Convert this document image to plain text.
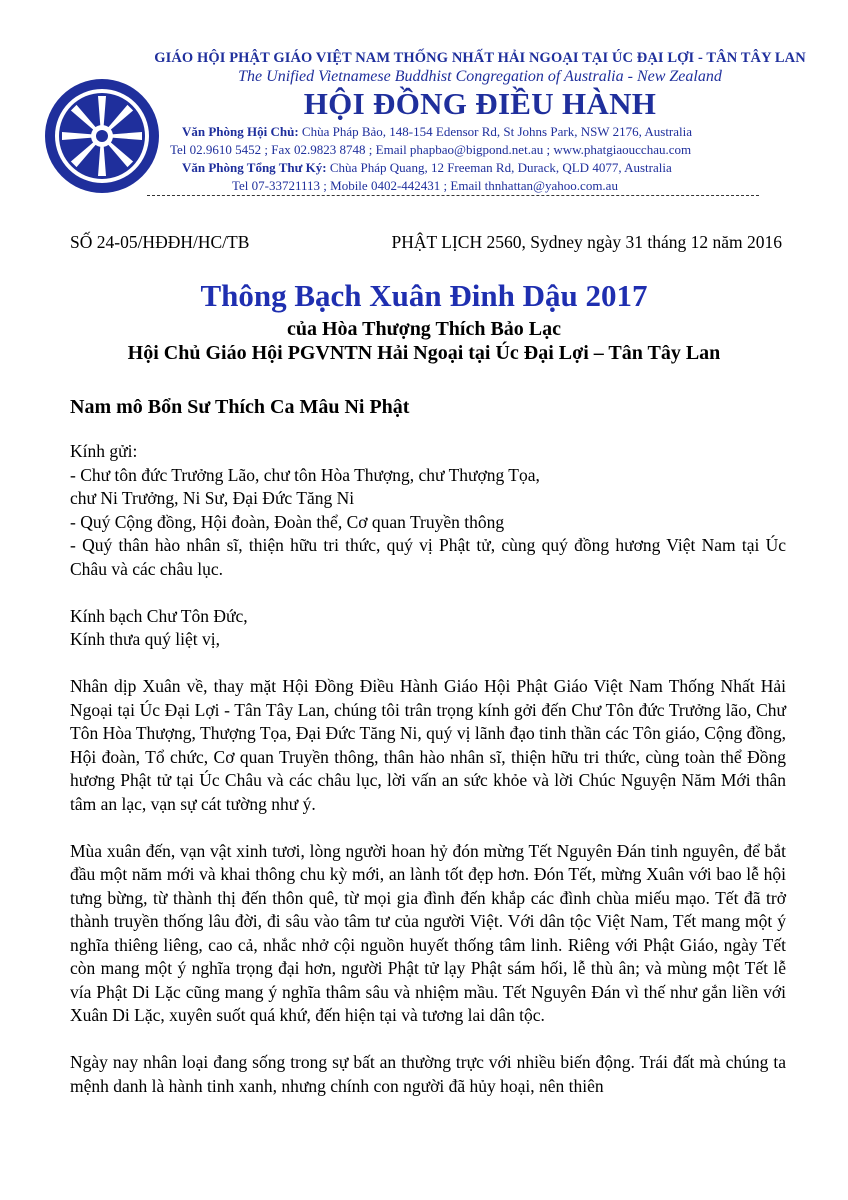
GIÁO HỘI PHẬT GIÁO VIỆT NAM THỐNG NHẤT HẢI NGOẠI TẠI ÚC ĐẠI LỢI - TÂN TÂY LAN
The Unified Vietnamese Buddhist Congregation of Australia - New Zealand
HỘI ĐỒNG ĐIỀU HÀNH
Văn Phòng Hội Chủ: Chùa Pháp Bảo, 148-154 Edensor Rd, St Johns Park, NSW 2176, Australia
Tel 02.9610 5452 ; Fax 02.9823 8748 ; Email phapbao@bigpond.net.au ; www.phatgiaoucchau.com
Văn Phòng Tổng Thư Ký: Chùa Pháp Quang, 12 Freeman Rd, Durack, QLD 4077, Australia
Tel 07-33721113 ; Mobile 0402-442431 ; Email thnhattan@yahoo.com.au
SỐ 24-05/HĐĐH/HC/TB	PHẬT LỊCH 2560, Sydney ngày 31 tháng 12 năm 2016
Thông Bạch Xuân Đinh Dậu 2017
của Hòa Thượng Thích Bảo Lạc
Hội Chủ Giáo Hội PGVNTN Hải Ngoại tại Úc Đại Lợi – Tân Tây Lan
Nam mô Bổn Sư Thích Ca Mâu Ni Phật

Kính gửi:

- Chư tôn đức Trưởng Lão, chư tôn Hòa Thượng, chư Thượng Tọa,

chư Ni Trưởng, Ni Sư, Đại Đức Tăng Ni

- Quý Cộng đồng, Hội đoàn, Đoàn thể, Cơ quan Truyền thông

- Quý thân hào nhân sĩ, thiện hữu tri thức, quý vị Phật tử, cùng quý đồng hương Việt Nam tại Úc Châu và các châu lục.

Kính bạch Chư Tôn Đức,

Kính thưa quý liệt vị,

Nhân dịp Xuân về, thay mặt Hội Đồng Điều Hành Giáo Hội Phật Giáo Việt Nam Thống Nhất Hải Ngoại tại Úc Đại Lợi - Tân Tây Lan, chúng tôi trân trọng kính gởi đến Chư Tôn đức Trưởng lão, Chư Tôn Hòa Thượng, Thượng Tọa, Đại Đức Tăng Ni, quý vị lãnh đạo tinh thần các Tôn giáo, Cộng đồng, Hội đoàn, Tổ chức, Cơ quan Truyền thông, thân hào nhân sĩ, thiện hữu tri thức, cùng toàn thể Đồng hương Phật tử tại Úc Châu và các châu lục, lời vấn an sức khỏe và lời Chúc Nguyện Năm Mới thân tâm an lạc, vạn sự cát tường như ý.

Mùa xuân đến, vạn vật xinh tươi, lòng người hoan hỷ đón mừng Tết Nguyên Đán tinh nguyên, để bắt đầu một năm mới và khai thông chu kỳ mới, an lành tốt đẹp hơn. Đón Tết, mừng Xuân với bao lễ hội tưng bừng, từ thành thị đến thôn quê, từ mọi gia đình đến khắp các đình chùa miếu mạo. Tết đã trở thành truyền thống lâu đời, đi sâu vào tâm tư của người Việt. Với dân tộc Việt Nam, Tết mang một ý nghĩa thiêng liêng, cao cả, nhắc nhở cội nguồn huyết thống tâm linh. Riêng với Phật Giáo, ngày Tết còn mang một ý nghĩa trọng đại hơn, người Phật tử lạy Phật sám hối, lễ thù ân; và mùng một Tết lễ vía Phật Di Lặc cũng mang ý nghĩa thâm sâu và nhiệm mầu. Tết Nguyên Đán vì thế như gắn liền với Xuân Di Lặc, xuyên suốt quá khứ, đến hiện tại và tương lai dân tộc.

Ngày nay nhân loại đang sống trong sự bất an thường trực với nhiều biến động. Trái đất mà chúng ta mệnh danh là hành tinh xanh, nhưng chính con người đã hủy hoại, nên thiên
